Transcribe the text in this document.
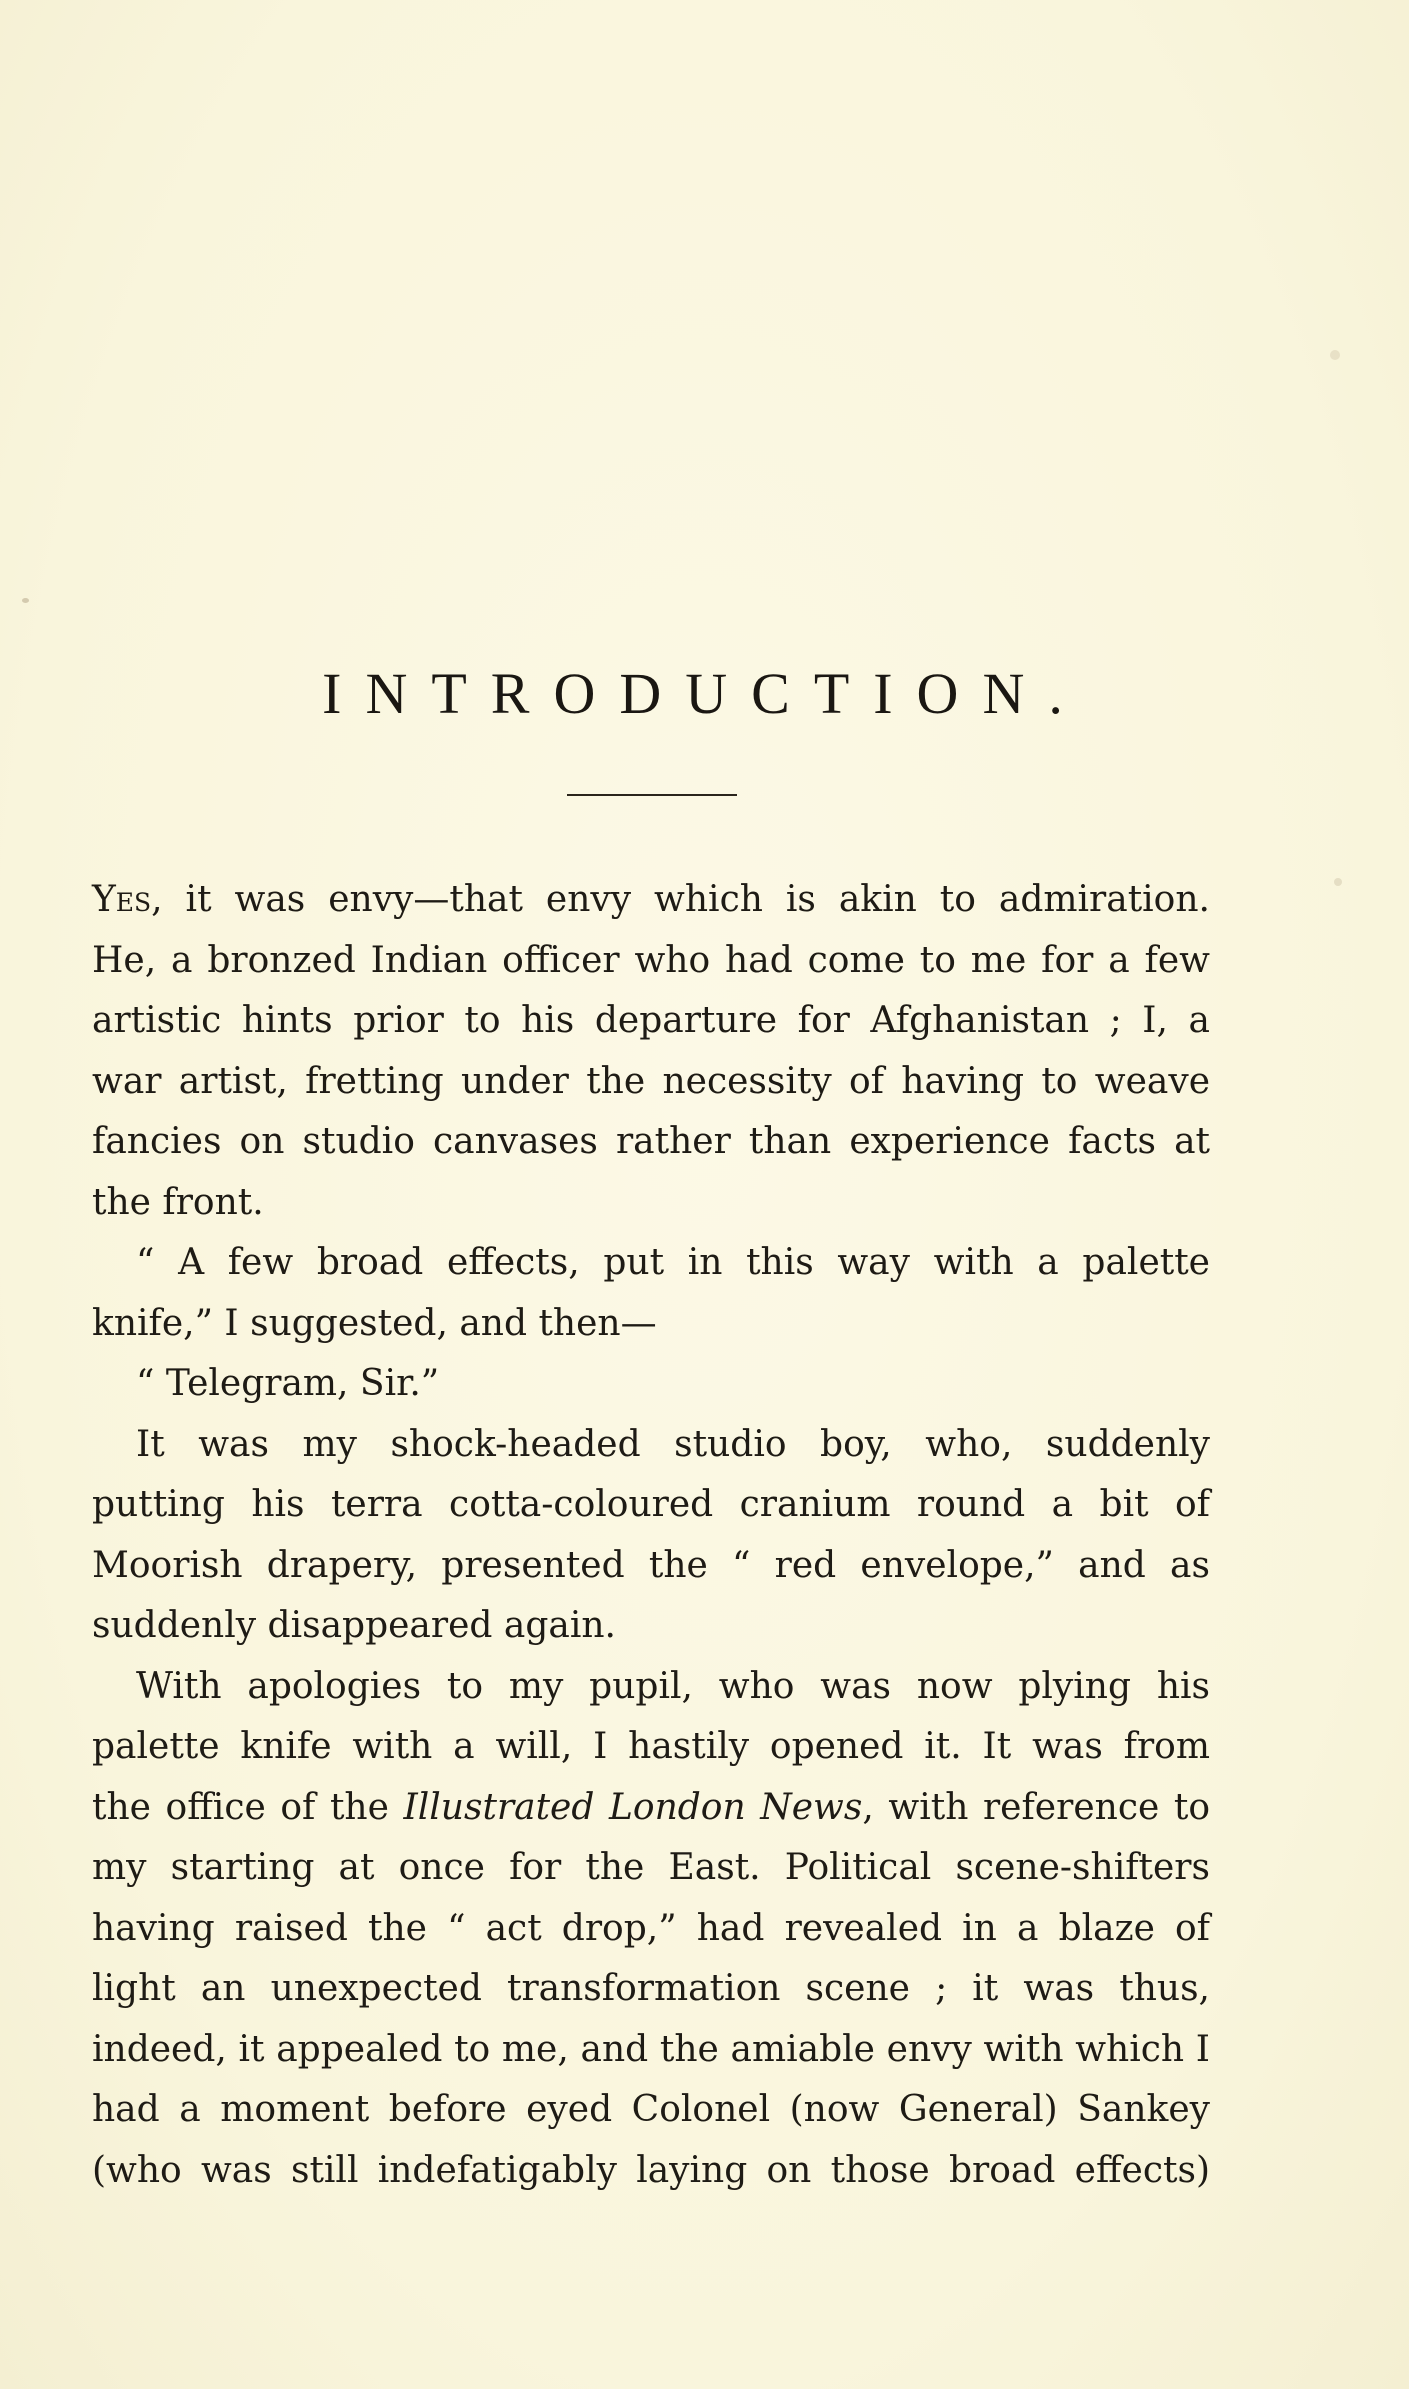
INTRODUCTION.
Yes, it was envy—that envy which is akin to admiration.
He, a bronzed Indian officer who had come to me for a few
artistic hints prior to his departure for Afghanistan ; I, a
war artist, fretting under the necessity of having to weave
fancies on studio canvases rather than experience facts at
the front.
“ A few broad effects, put in this way with a palette
knife,” I suggested, and then—
“ Telegram, Sir.”
It was my shock-headed studio boy, who, suddenly
putting his terra cotta-coloured cranium round a bit of
Moorish drapery, presented the “ red envelope,” and as
suddenly disappeared again.
With apologies to my pupil, who was now plying his
palette knife with a will, I hastily opened it. It was from
the office of the Illustrated London News, with reference to
my starting at once for the East. Political scene-shifters
having raised the “ act drop,” had revealed in a blaze of
light an unexpected transformation scene ; it was thus,
indeed, it appealed to me, and the amiable envy with which I
had a moment before eyed Colonel (now General) Sankey
(who was still indefatigably laying on those broad effects)
